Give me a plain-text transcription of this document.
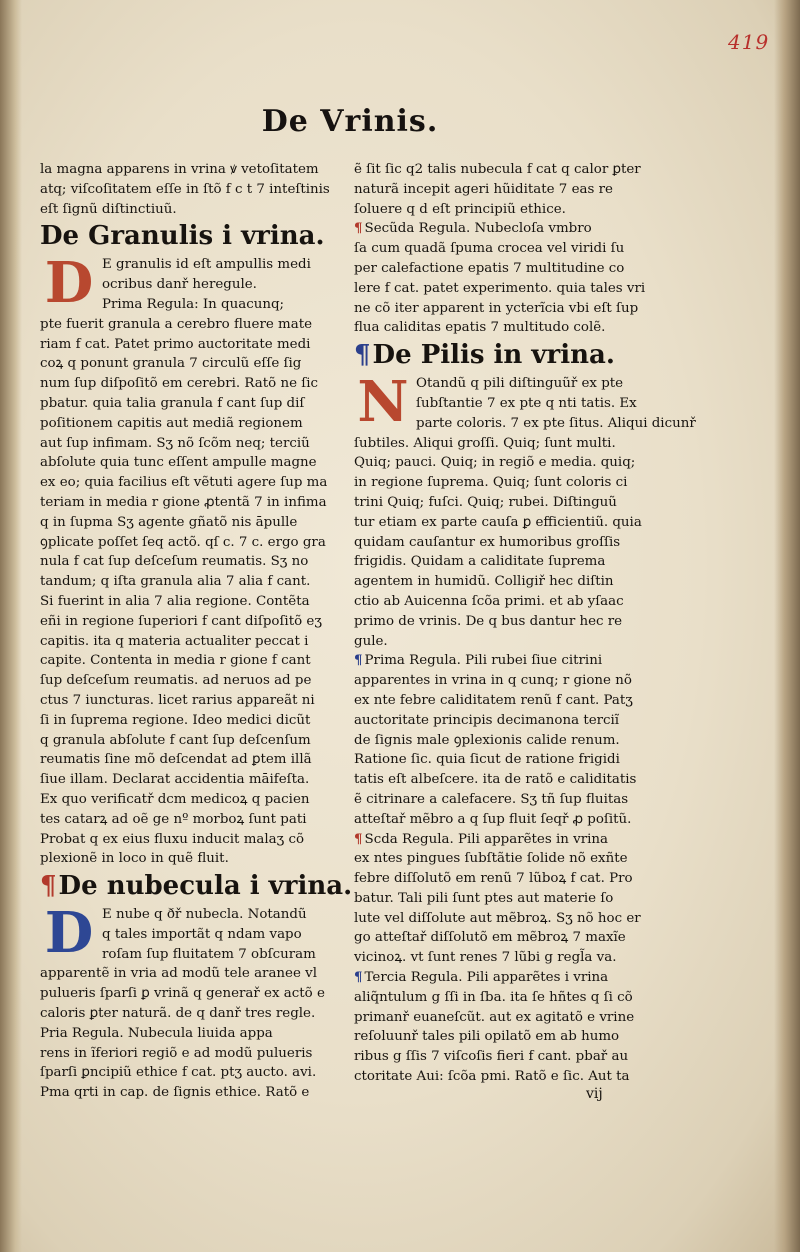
419
De Vrinis.
la magna apparens in vrina ꝟ vetoſitatem
atq; viſcoſitatem eſſe in ſtõ f c t 7 inteſtinis
eſt ſignũ diſtinctiuũ.
De Granulis i vrina.
D E granulis id eſt ampullis medi
ocribus danř heregule.
Prima Regula: In quacunq;
pte fuerit granula a cerebro fluere mate
riam f cat. Patet primo auctoritate medi
coꝝ q ponunt granula 7 circulũ eſſe ſig
num ſup diſpoſitõ em cerebri. Ratõ ne ſic
pbatur. quia talia granula f cant ſup diſ
poſitionem capitis aut mediã regionem
aut ſup infimam. Sʒ nõ ſcõm neq; terciũ
abſolute quia tunc eſſent ampulle magne
ex eo; quia facilius eſt vẽtuti agere ſup ma
teriam in media r gione ꝓtentã 7 in infima
q in ſupma Sʒ agente gñatõ nis āpulle
ꝯplicate poſſet ſeq actõ. qſ c. 7 c. ergo gra
nula f cat ſup deſceſum reumatis. Sʒ no
tandum; q iſta granula alia 7 alia f cant.
Si fuerint in alia 7 alia regione. Contẽta
eñi in regione ſuperiori f cant diſpoſitõ eʒ
capitis. ita q materia actualiter peccat i
capite. Contenta in media r gione f cant
ſup deſceſum reumatis. ad neruos ad pe
ctus 7 iuncturas. licet rarius appareãt ni
ſi in ſuprema regione. Ideo medici dicũt
q granula abſolute f cant ſup deſcenſum
reumatis ſine mõ deſcendat ad ꝑtem illã
ſiue illam. Declarat accidentia māifeſta.
Ex quo verificatř dcm medicoꝝ q pacien
tes catarꝝ ad oẽ ge nº morboꝝ ſunt pati
Probat q ex eius fluxu inducit malaʒ cõ
plexionẽ in loco in quẽ fluit.
¶De nubecula i vrina.
D E nube q ðř nubecla. Notandũ
q tales importãt q ndam vapo
roſam ſup fluitatem 7 obſcuram
apparentẽ in vria ad modũ tele aranee vl
pulueris ſparſi ꝑ vrinã q generař ex actõ e
caloris ꝑter naturã. de q danř tres regle.
Pria Regula. Nubecula liuida appa
rens in ĩferiori regiõ e ad modũ pulueris
ſparſi ꝑncipiũ ethice f cat. ptʒ aucto. avi.
Pma qrti in cap. de ſignis ethice. Ratõ e
ẽ ſit ſic q2 talis nubecula f cat q calor ꝑter
naturã incepit ageri hũiditate 7 eas re
ſoluere q d eſt principiũ ethice.
¶ Secũda Regula. Nubecloſa vmbro
ſa cum quadã ſpuma crocea vel viridi ſu
per calefactione epatis 7 multitudine co
lere f cat. patet experimento. quia tales vri
ne cõ iter apparent in ycterĩcia vbi eſt ſup
flua caliditas epatis 7 multitudo colẽ.
¶De Pilis in vrina.
N Otandũ q pili diſtinguũř ex pte
ſubſtantie 7 ex pte q nti tatis. Ex
parte coloris. 7 ex pte ſitus. Aliqui dicunř
ſubtiles. Aliqui groſſi. Quiq; ſunt multi.
Quiq; pauci. Quiq; in regiõ e media. quiq;
in regione ſuprema. Quiq; ſunt coloris ci
trini Quiq; fuſci. Quiq; rubei. Diſtinguũ
tur etiam ex parte cauſa ꝑ efficientiũ. quia
quidam cauſantur ex humoribus groſſis
frigidis. Quidam a caliditate ſuprema
agentem in humidũ. Colligiř hec diſtin
ctio ab Auicenna ſcõa primi. et ab yſaac
primo de vrinis. De q bus dantur hec re
gule.
¶ Prima Regula. Pili rubei ſiue citrini
apparentes in vrina in q cunq; r gione nõ
ex nte febre caliditatem renũ f cant. Patʒ
auctoritate principis decimanona terciĩ
de ſignis male ꝯplexionis calide renum.
Ratione ſic. quia ſicut de ratione frigidi
tatis eſt albeſcere. ita de ratõ e caliditatis
ẽ citrinare a calefacere. Sʒ tñ ſup fluitas
atteſtař mẽbro a q ſup fluit ſeqř ꝓ poſitũ.
¶ Scda Regula. Pili apparẽtes in vrina
ex ntes pingues ſubſtãtie ſolide nõ exñte
febre diſſolutõ em renũ 7 lũboꝝ f cat. Pro
batur. Tali pili ſunt ptes aut materie ſo
lute vel diſſolute aut mẽbroꝝ. Sʒ nõ hoc er
go atteſtař diſſolutõ em mẽbroꝝ 7 maxĩe
vicinoꝝ. vt ſunt renes 7 lũbi g regl̃a va.
¶ Tercia Regula. Pili apparẽtes i vrina
aliq̃ntulum g ſſi in ſba. ita ſe hñtes q ſi cõ
primanř euaneſcũt. aut ex agitatõ e vrine
reſoluunř tales pili opilatõ em ab humo
ribus g ſſis 7 viſcoſis fieri f cant. pbař au
ctoritate Aui: ſcõa pmi. Ratõ e ſic. Aut ta
vij
